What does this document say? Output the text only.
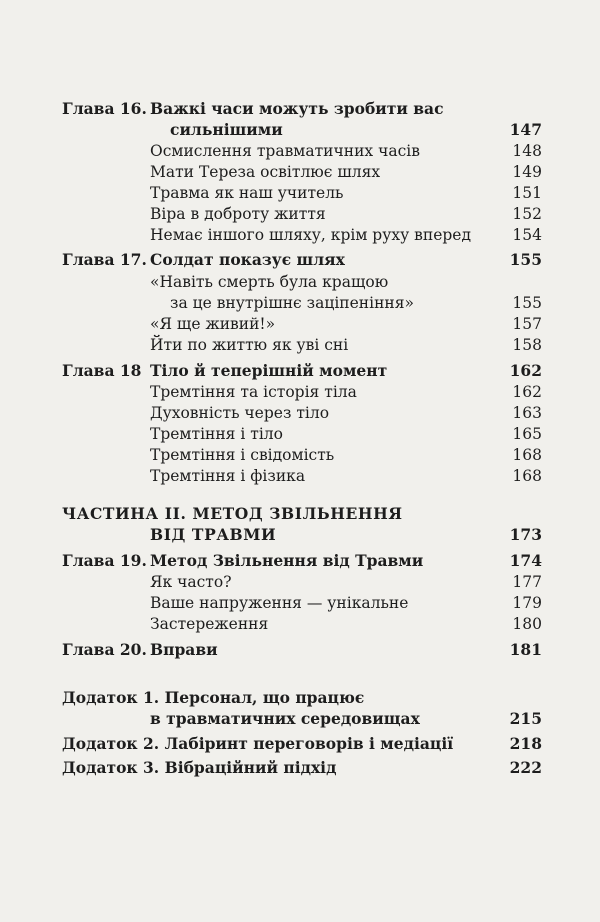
Глава 16. Важкі часи можуть зробити вас
сильнішими	147
Осмислення травматичних часів	148
Мати Тереза освітлює шлях	149
Травма як наш учитель	151
Віра в доброту життя	152
Немає іншого шляху, крім руху вперед	154
Глава 17. Солдат показує шлях	155
«Навіть смерть була кращою
за це внутрішнє заціпеніння»	155
«Я ще живий!»	157
Йти по життю як уві сні	158
Глава 18 Тіло й теперішній момент	162
Тремтіння та історія тіла	162
Духовність через тіло	163
Тремтіння і тіло	165
Тремтіння і свідомість	168
Тремтіння і фізика	168
ЧАСТИНА II. МЕТОД ЗВІЛЬНЕННЯ
ВІД ТРАВМИ	173
Глава 19. Метод Звільнення від Травми	174
Як часто?	177
Ваше напруження — унікальне	179
Застереження	180
Глава 20. Вправи	181
Додаток 1. Персонал, що працює
в травматичних середовищах	215
Додаток 2. Лабіринт переговорів і медіації	218
Додаток 3. Вібраційний підхід	222
